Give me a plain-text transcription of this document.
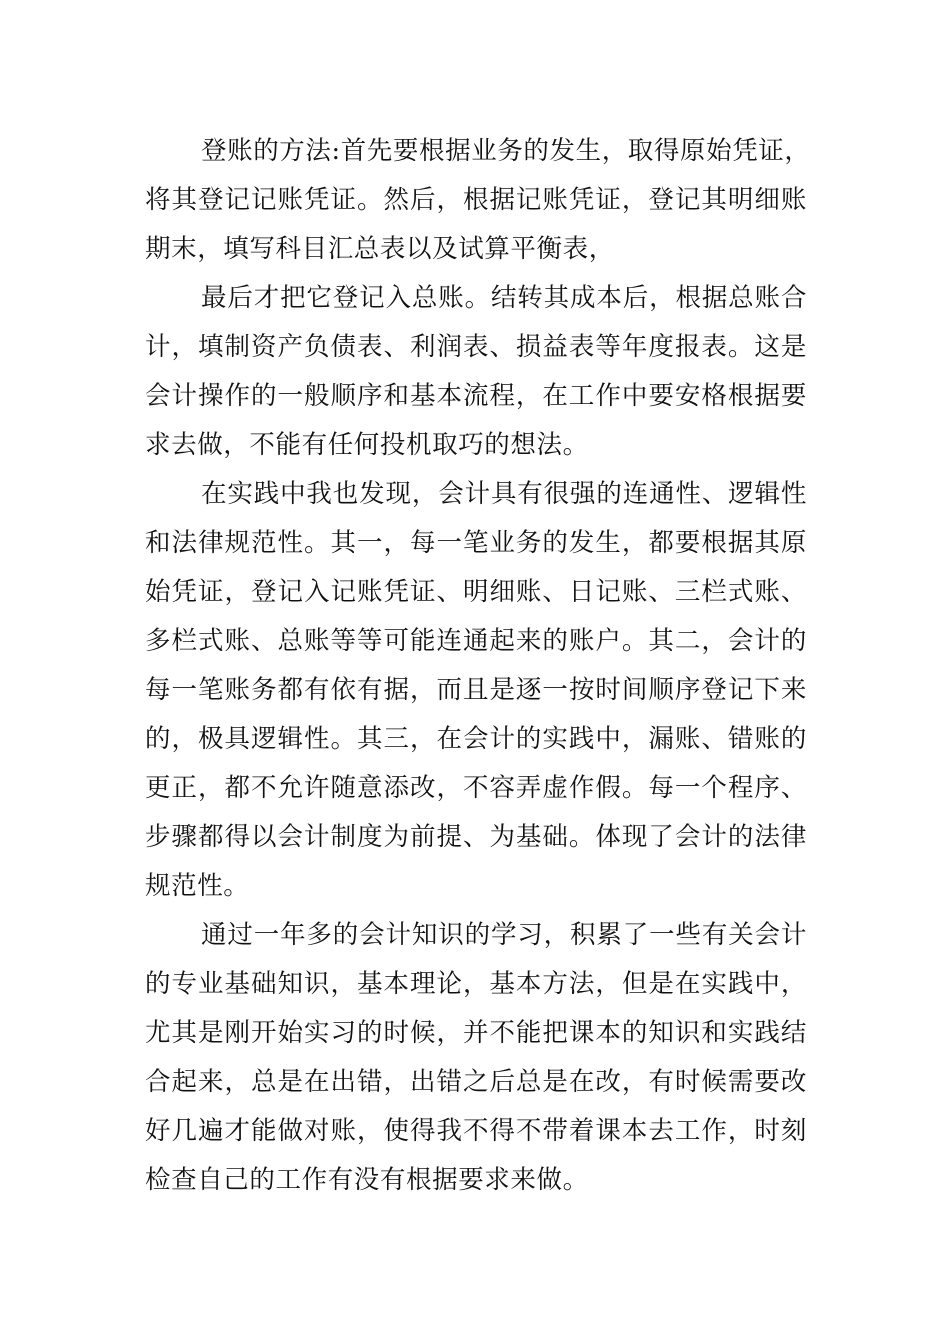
登账的方法:首先要根据业务的发生，取得原始凭证，
将其登记记账凭证。然后，根据记账凭证，登记其明细账
期末，填写科目汇总表以及试算平衡表，

最后才把它登记入总账。结转其成本后，根据总账合
计，填制资产负债表、利润表、损益表等年度报表。这是
会计操作的一般顺序和基本流程，在工作中要安格根据要
求去做，不能有任何投机取巧的想法。

在实践中我也发现，会计具有很强的连通性、逻辑性
和法律规范性。其一，每一笔业务的发生，都要根据其原
始凭证，登记入记账凭证、明细账、日记账、三栏式账、
多栏式账、总账等等可能连通起来的账户。其二，会计的
每一笔账务都有依有据，而且是逐一按时间顺序登记下来
的，极具逻辑性。其三，在会计的实践中，漏账、错账的
更正，都不允许随意添改，不容弄虚作假。每一个程序、
步骤都得以会计制度为前提、为基础。体现了会计的法律
规范性。

通过一年多的会计知识的学习，积累了一些有关会计
的专业基础知识，基本理论，基本方法，但是在实践中，
尤其是刚开始实习的时候，并不能把课本的知识和实践结
合起来，总是在出错，出错之后总是在改，有时候需要改
好几遍才能做对账，使得我不得不带着课本去工作，时刻
检查自己的工作有没有根据要求来做。
